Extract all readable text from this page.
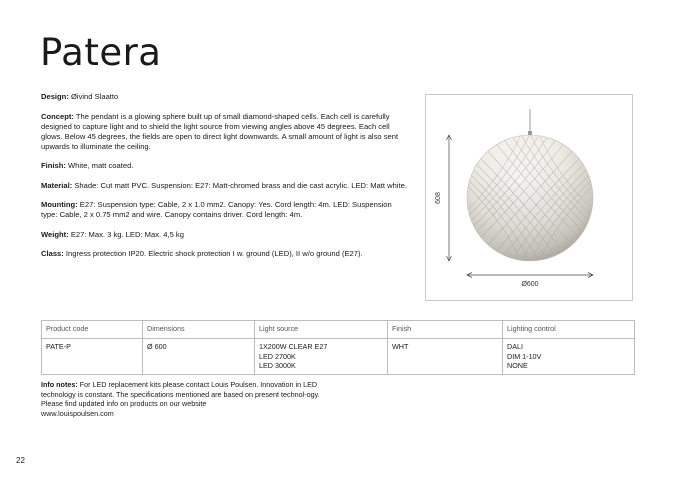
Patera

Design: Øivind Slaatto

Concept: The pendant is a glowing sphere built up of small diamond-shaped cells. Each cell is carefully designed to capture light and to shield the light source from viewing angles above 45 degrees. Each cell glows. Below 45 degrees, the fields are open to direct light downwards. A small amount of light is also sent upwards to illuminate the ceiling.

Finish: White, matt coated.

Material: Shade: Cut matt PVC. Suspension: E27: Matt-chromed brass and die cast acrylic. LED: Matt white.

Mounting: E27: Suspension type: Cable, 2 x 1.0 mm2. Canopy: Yes. Cord length: 4m. LED: Suspension type: Cable, 2 x 0.75 mm2 and wire. Canopy contains driver. Cord length: 4m.

Weight: E27: Max. 3 kg. LED: Max. 4,5 kg

Class: Ingress protection IP20. Electric shock protection I w. ground (LED), II w/o ground (E27).

608
Ø600
Product code	Dimensions	Light source	Finish	Lighting control
PATE-P	Ø 600	1X200W CLEAR E27
LED 2700K
LED 3000K	WHT	DALI
DIM 1-10V
NONE
Info notes: For LED replacement kits please contact Louis Poulsen. Innovation in LED technology is constant. The specifications mentioned are based on present technol-ogy. Please find updated info on products on our website
www.louispoulsen.com
22
